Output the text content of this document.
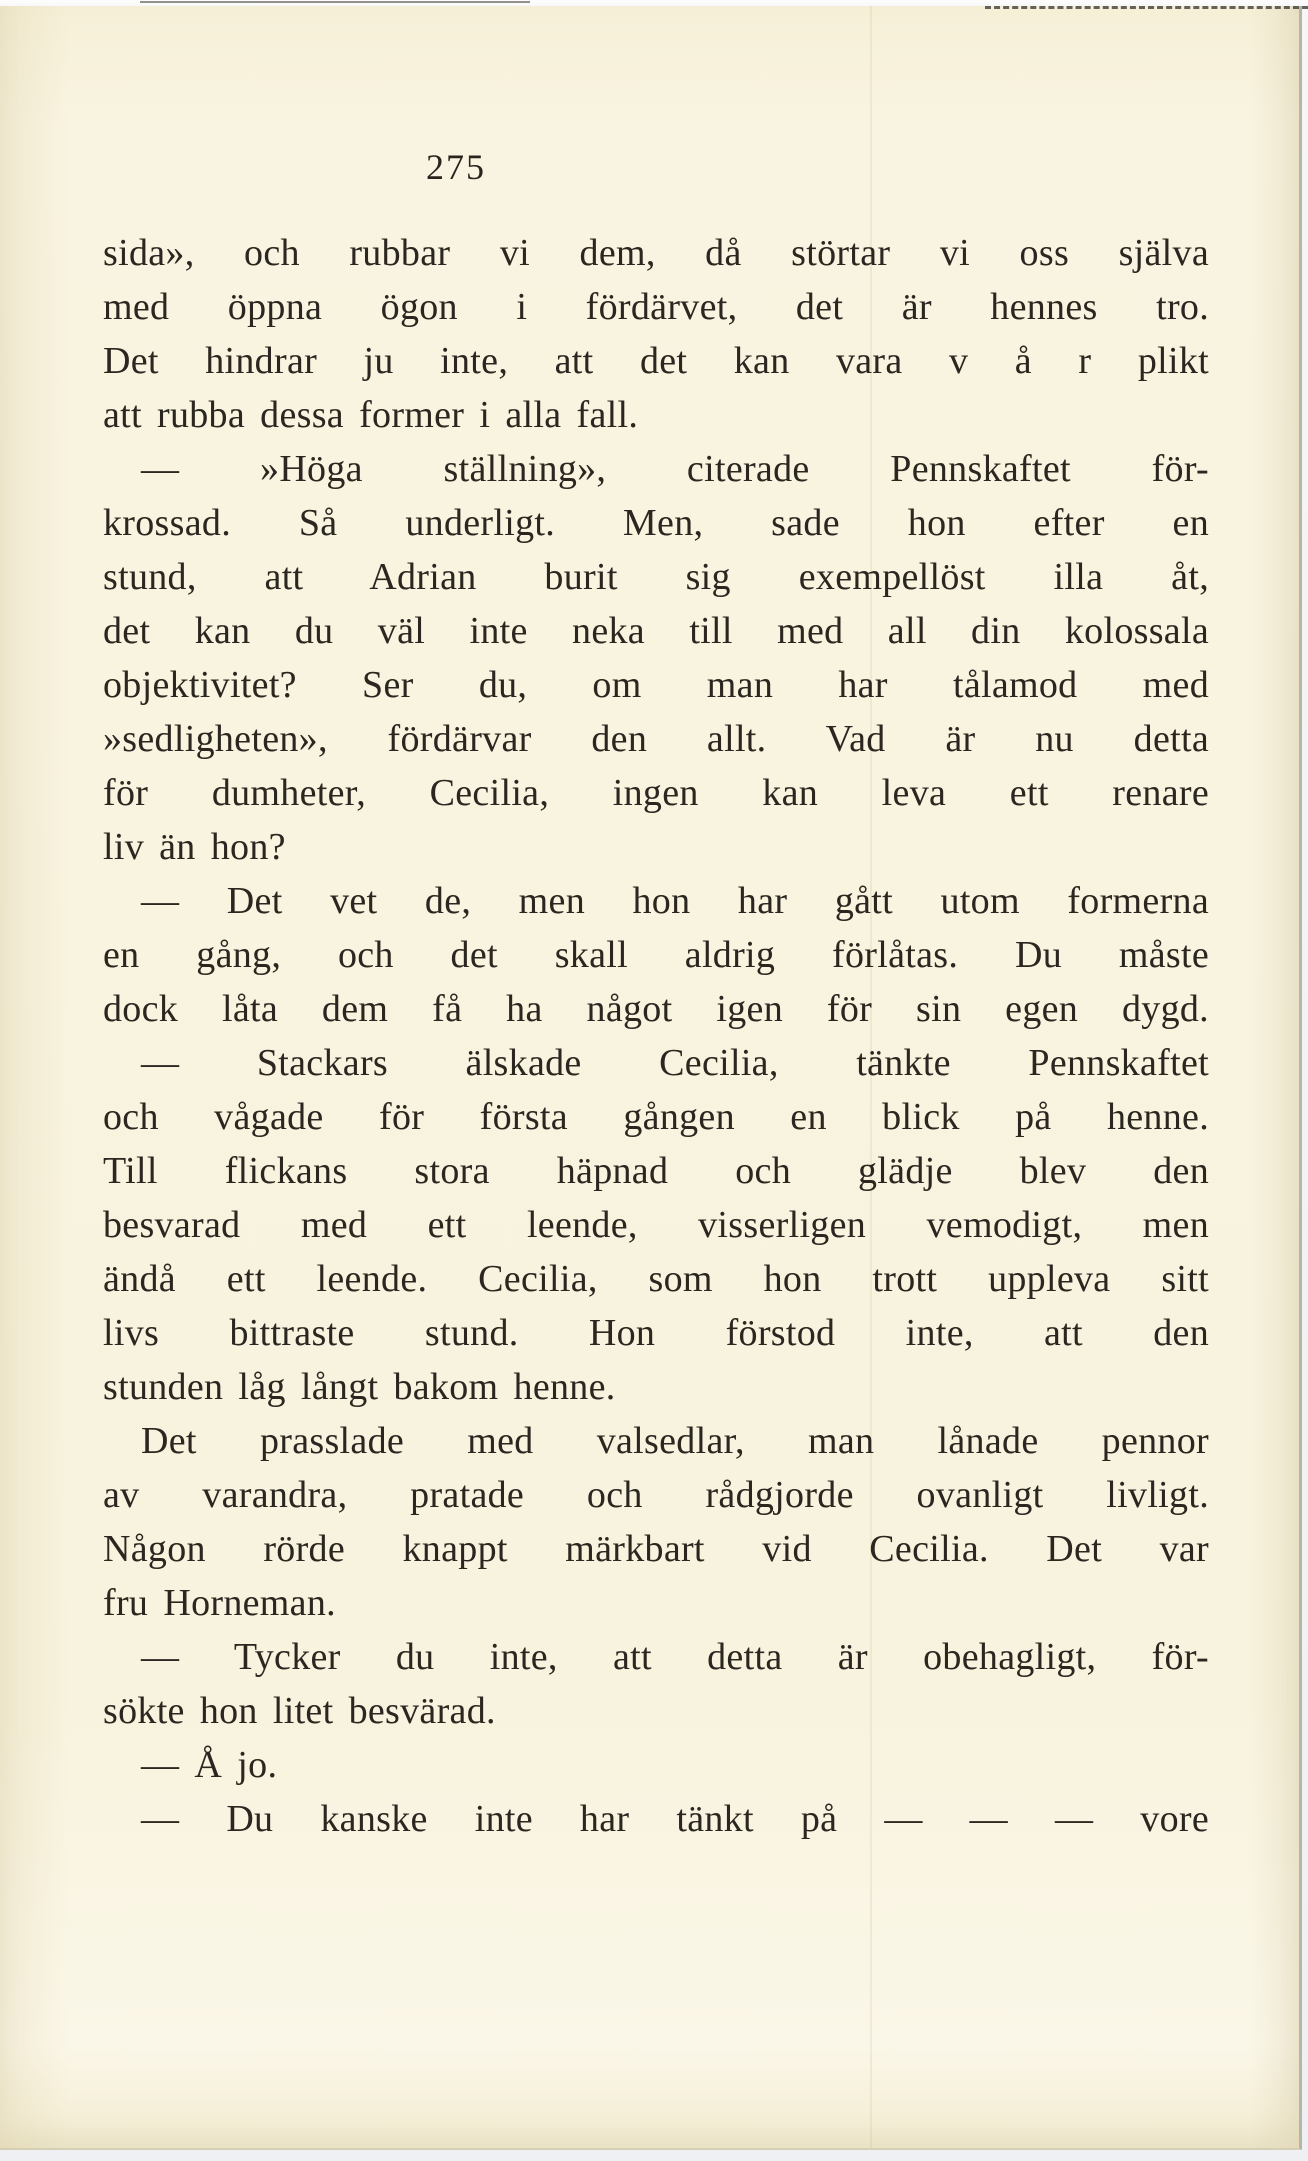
275
sida», och rubbar vi dem, då störtar vi oss själva
med öppna ögon i fördärvet, det är hennes tro.
Det hindrar ju inte, att det kan vara v å r plikt
att rubba dessa former i alla fall.
— »Höga ställning», citerade Pennskaftet för-
krossad. Så underligt. Men, sade hon efter en
stund, att Adrian burit sig exempellöst illa åt,
det kan du väl inte neka till med all din kolossala
objektivitet? Ser du, om man har tålamod med
»sedligheten», fördärvar den allt. Vad är nu detta
för dumheter, Cecilia, ingen kan leva ett renare
liv än hon?
— Det vet de, men hon har gått utom formerna
en gång, och det skall aldrig förlåtas. Du måste
dock låta dem få ha något igen för sin egen dygd.
— Stackars älskade Cecilia, tänkte Pennskaftet
och vågade för första gången en blick på henne.
Till flickans stora häpnad och glädje blev den
besvarad med ett leende, visserligen vemodigt, men
ändå ett leende. Cecilia, som hon trott uppleva sitt
livs bittraste stund. Hon förstod inte, att den
stunden låg långt bakom henne.
Det prasslade med valsedlar, man lånade pennor
av varandra, pratade och rådgjorde ovanligt livligt.
Någon rörde knappt märkbart vid Cecilia. Det var
fru Horneman.
— Tycker du inte, att detta är obehagligt, för-
sökte hon litet besvärad.
— Å jo.
— Du kanske inte har tänkt på — — — vore
